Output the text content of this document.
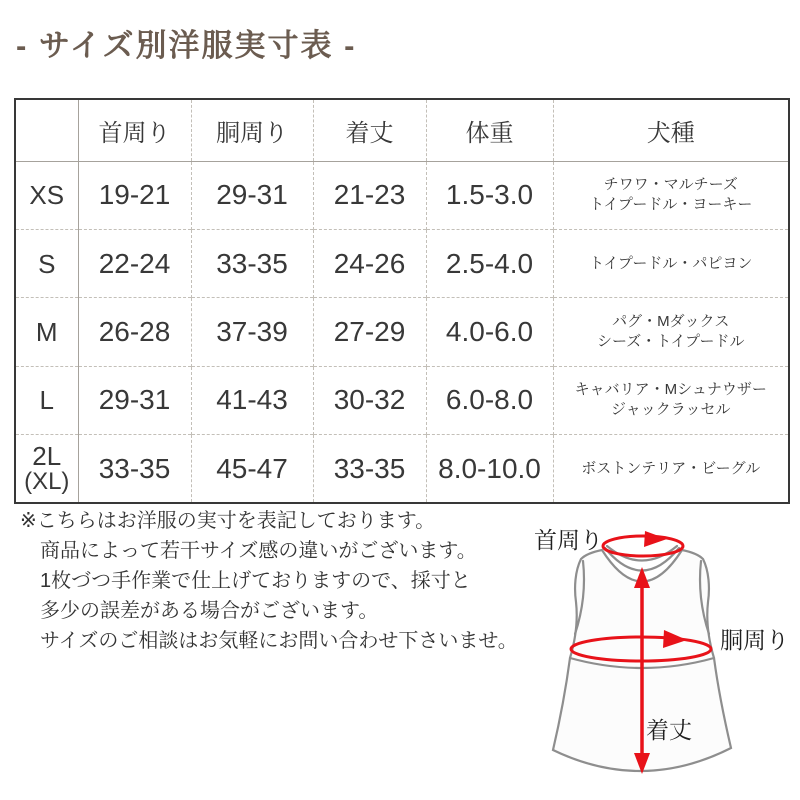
- サイズ別洋服実寸表 -
	首周り	胴周り	着丈	体重	犬種

XS	19-21	29-31	21-23	1.5-3.0	チワワ・マルチーズ
トイプードル・ヨーキー

S	22-24	33-35	24-26	2.5-4.0	トイプードル・パピヨン

M	26-28	37-39	27-29	4.0-6.0	パグ・Mダックス
シーズ・トイプードル

L	29-31	41-43	30-32	6.0-8.0	キャバリア・Mシュナウザー
ジャックラッセル

2L
(XL)	33-35	45-47	33-35	8.0-10.0	ボストンテリア・ビーグル
※こちらはお洋服の実寸を表記しております。
商品によって若干サイズ感の違いがございます。
1枚づつ手作業で仕上げておりますので、採寸と
多少の誤差がある場合がございます。
サイズのご相談はお気軽にお問い合わせ下さいませ。
首周り
胴周り
着丈
